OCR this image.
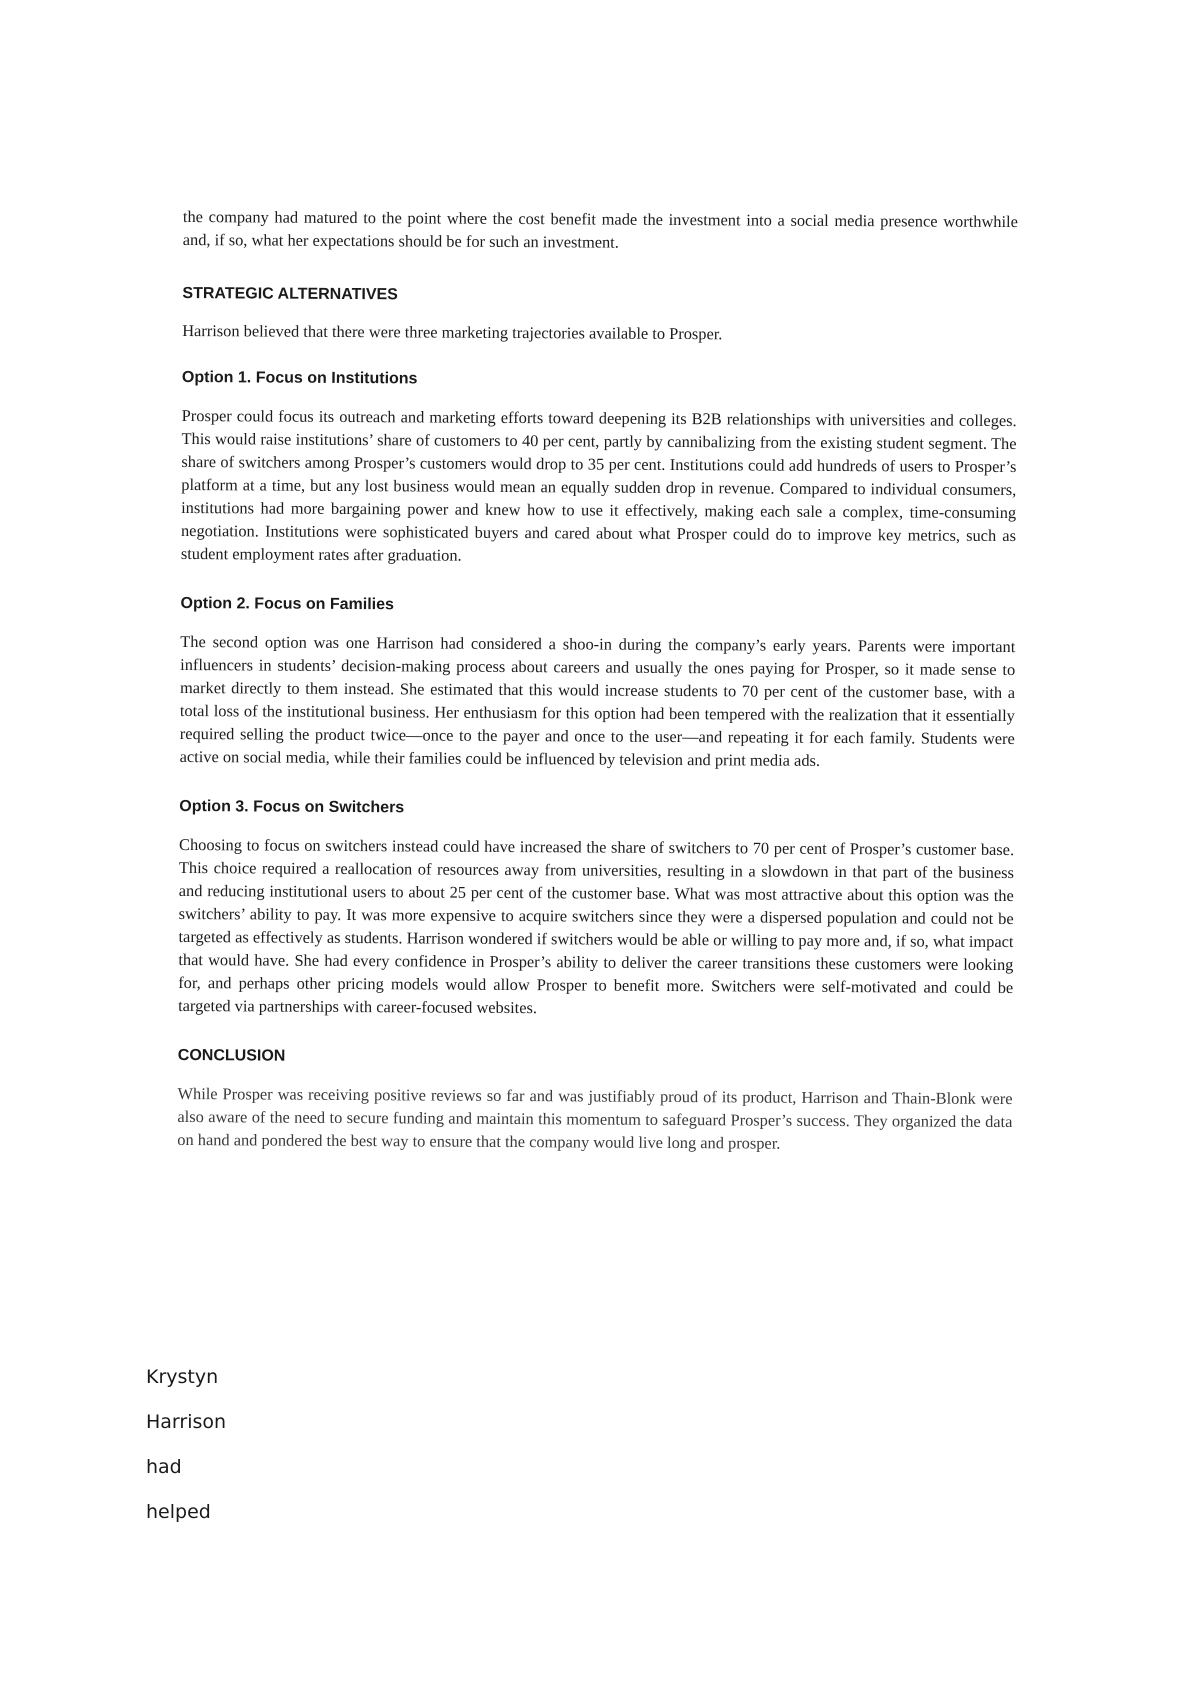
the company had matured to the point where the cost benefit made the investment into a social media presence worthwhile and, if so, what her expectations should be for such an investment.

STRATEGIC ALTERNATIVES

Harrison believed that there were three marketing trajectories available to Prosper.

Option 1. Focus on Institutions

Prosper could focus its outreach and marketing efforts toward deepening its B2B relationships with universities and colleges. This would raise institutions’ share of customers to 40 per cent, partly by cannibalizing from the existing student segment. The share of switchers among Prosper’s customers would drop to 35 per cent. Institutions could add hundreds of users to Prosper’s platform at a time, but any lost business would mean an equally sudden drop in revenue. Compared to individual consumers, institutions had more bargaining power and knew how to use it effectively, making each sale a complex, time-consuming negotiation. Institutions were sophisticated buyers and cared about what Prosper could do to improve key metrics, such as student employment rates after graduation.

Option 2. Focus on Families

The second option was one Harrison had considered a shoo-in during the company’s early years. Parents were important influencers in students’ decision-making process about careers and usually the ones paying for Prosper, so it made sense to market directly to them instead. She estimated that this would increase students to 70 per cent of the customer base, with a total loss of the institutional business. Her enthusiasm for this option had been tempered with the realization that it essentially required selling the product twice—once to the payer and once to the user—and repeating it for each family. Students were active on social media, while their families could be influenced by television and print media ads.

Option 3. Focus on Switchers

Choosing to focus on switchers instead could have increased the share of switchers to 70 per cent of Prosper’s customer base. This choice required a reallocation of resources away from universities, resulting in a slowdown in that part of the business and reducing institutional users to about 25 per cent of the customer base. What was most attractive about this option was the switchers’ ability to pay. It was more expensive to acquire switchers since they were a dispersed population and could not be targeted as effectively as students. Harrison wondered if switchers would be able or willing to pay more and, if so, what impact that would have. She had every confidence in Prosper’s ability to deliver the career transitions these customers were looking for, and perhaps other pricing models would allow Prosper to benefit more. Switchers were self-motivated and could be targeted via partnerships with career-focused websites.

CONCLUSION

While Prosper was receiving positive reviews so far and was justifiably proud of its product, Harrison and Thain-Blonk were also aware of the need to secure funding and maintain this momentum to safeguard Prosper’s success. They organized the data on hand and pondered the best way to ensure that the company would live long and prosper.

Krystyn
Harrison
had
helped
